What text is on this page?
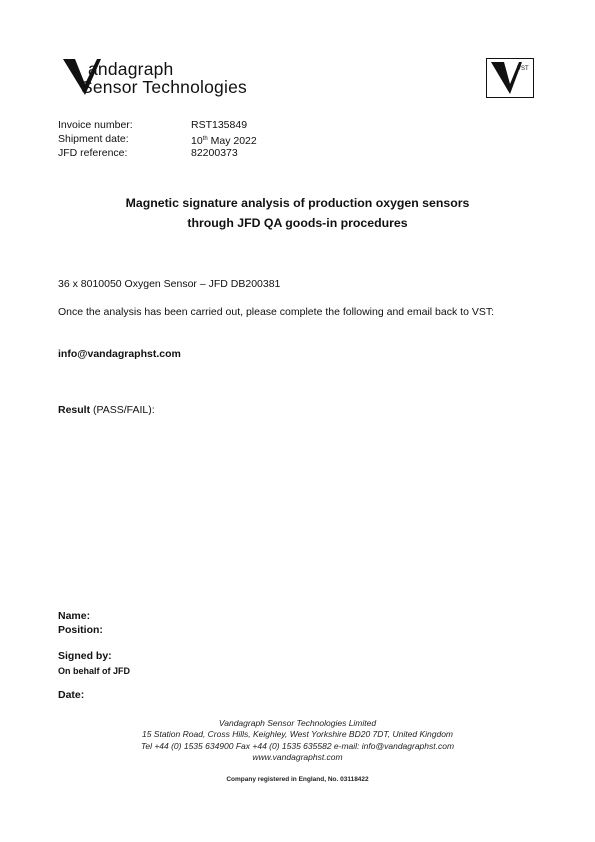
andagraph
Sensor Technologies
VST
Invoice number:	RST135849
Shipment date:	10th May 2022
JFD reference:	82200373
Magnetic signature analysis of production oxygen sensors
through JFD QA goods-in procedures
36 x 8010050 Oxygen Sensor – JFD DB200381
Once the analysis has been carried out, please complete the following and email back to VST:
info@vandagraphst.com
Result (PASS/FAIL):
Name:
Position:
Signed by:
On behalf of JFD
Date:
Vandagraph Sensor Technologies Limited
15 Station Road, Cross Hills, Keighley, West Yorkshire BD20 7DT, United Kingdom
Tel +44 (0) 1535 634900 Fax +44 (0) 1535 635582 e-mail: info@vandagraphst.com
www.vandagraphst.com
Company registered in England, No. 03118422
